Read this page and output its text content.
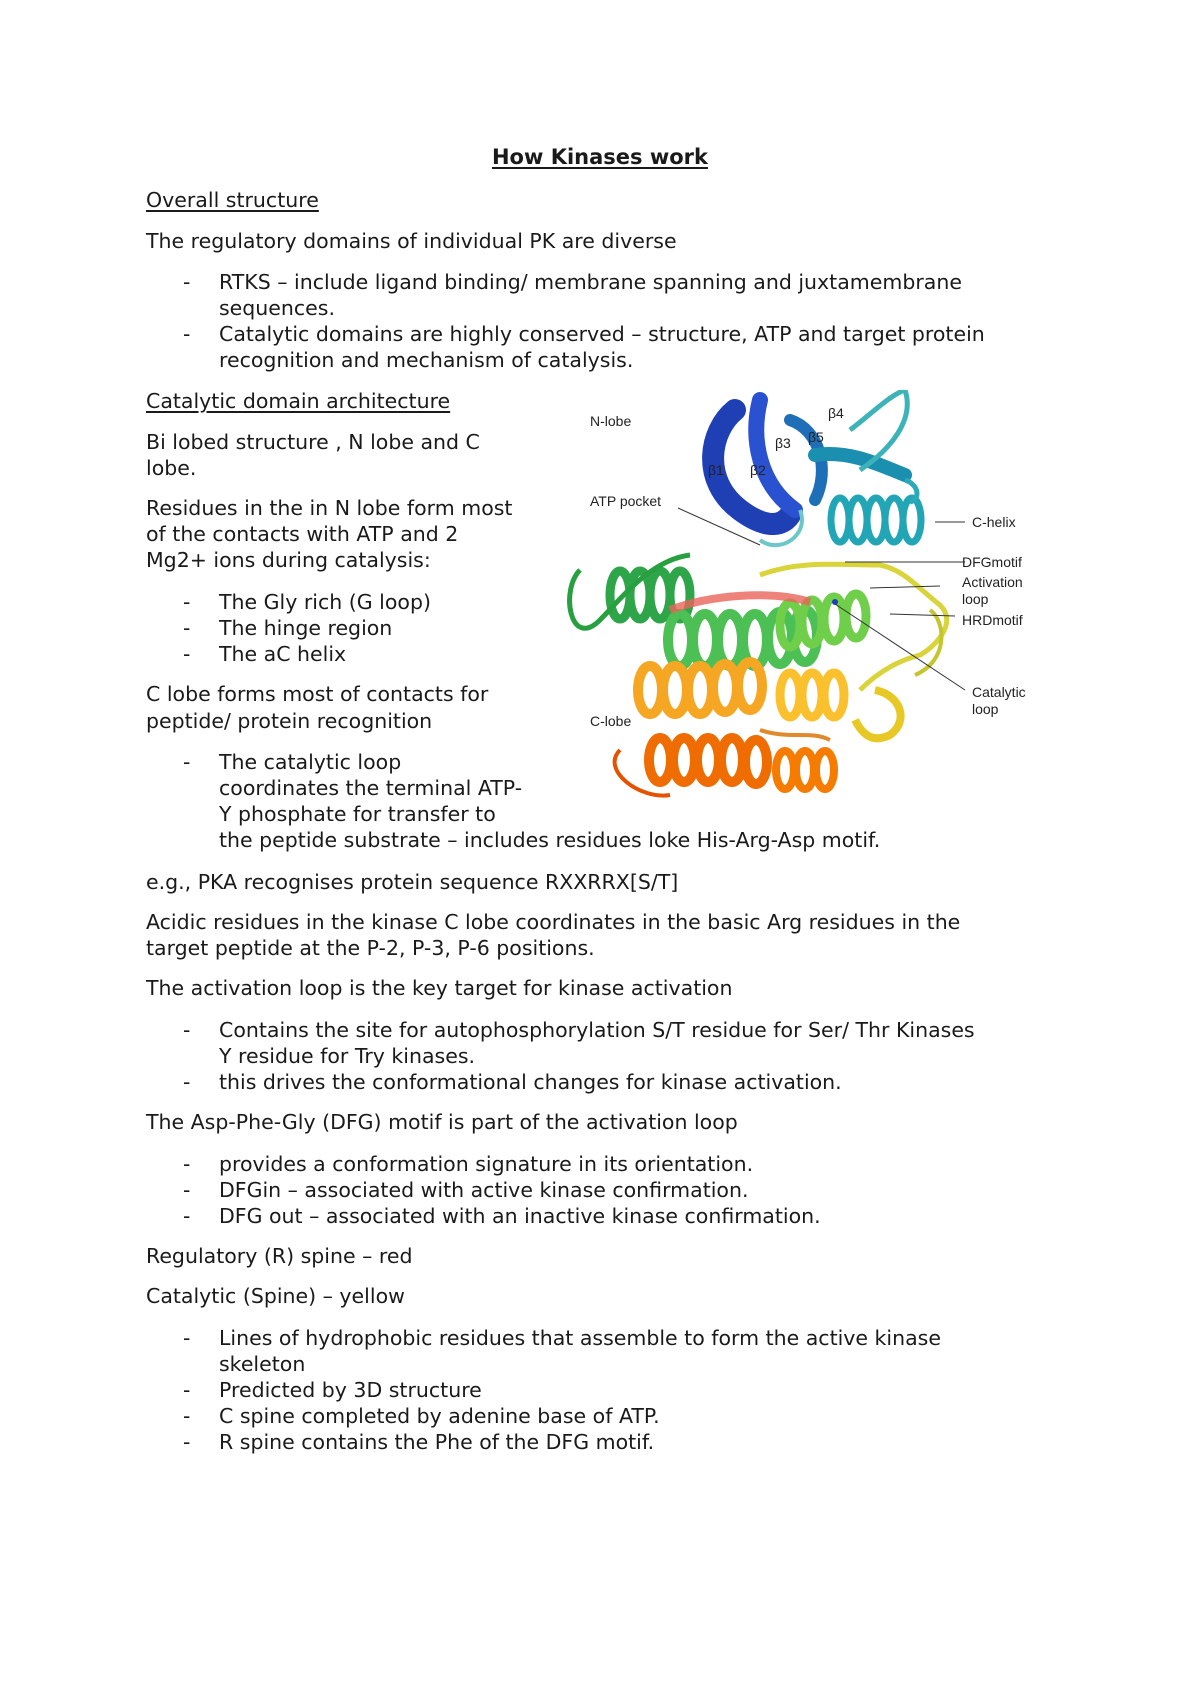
How Kinases work
Overall structure
The regulatory domains of individual PK are diverse
- RTKS – include ligand binding/ membrane spanning and juxtamembrane
sequences.
- Catalytic domains are highly conserved – structure, ATP and target protein
recognition and mechanism of catalysis.
Catalytic domain architecture
Bi lobed structure , N lobe and C
lobe.
Residues in the in N lobe form most
of the contacts with ATP and 2
Mg2+ ions during catalysis:
- The Gly rich (G loop)
- The hinge region
- The aC helix
C lobe forms most of contacts for
peptide/ protein recognition
- The catalytic loop
coordinates the terminal ATP-
Y phosphate for transfer to
the peptide substrate – includes residues loke His-Arg-Asp motif.
N-lobe
ATP pocket
C-lobe
C-helix
DFGmotif
Activation
loop
HRDmotif
Catalytic
loop
β1 β2
β3
β4
β5
e.g., PKA recognises protein sequence RXXRRX[S/T]
Acidic residues in the kinase C lobe coordinates in the basic Arg residues in the
target peptide at the P-2, P-3, P-6 positions.
The activation loop is the key target for kinase activation
- Contains the site for autophosphorylation S/T residue for Ser/ Thr Kinases
Y residue for Try kinases.
- this drives the conformational changes for kinase activation.
The Asp-Phe-Gly (DFG) motif is part of the activation loop
- provides a conformation signature in its orientation.
- DFGin – associated with active kinase confirmation.
- DFG out – associated with an inactive kinase confirmation.
Regulatory (R) spine – red
Catalytic (Spine) – yellow
- Lines of hydrophobic residues that assemble to form the active kinase
skeleton
- Predicted by 3D structure
- C spine completed by adenine base of ATP.
- R spine contains the Phe of the DFG motif.
